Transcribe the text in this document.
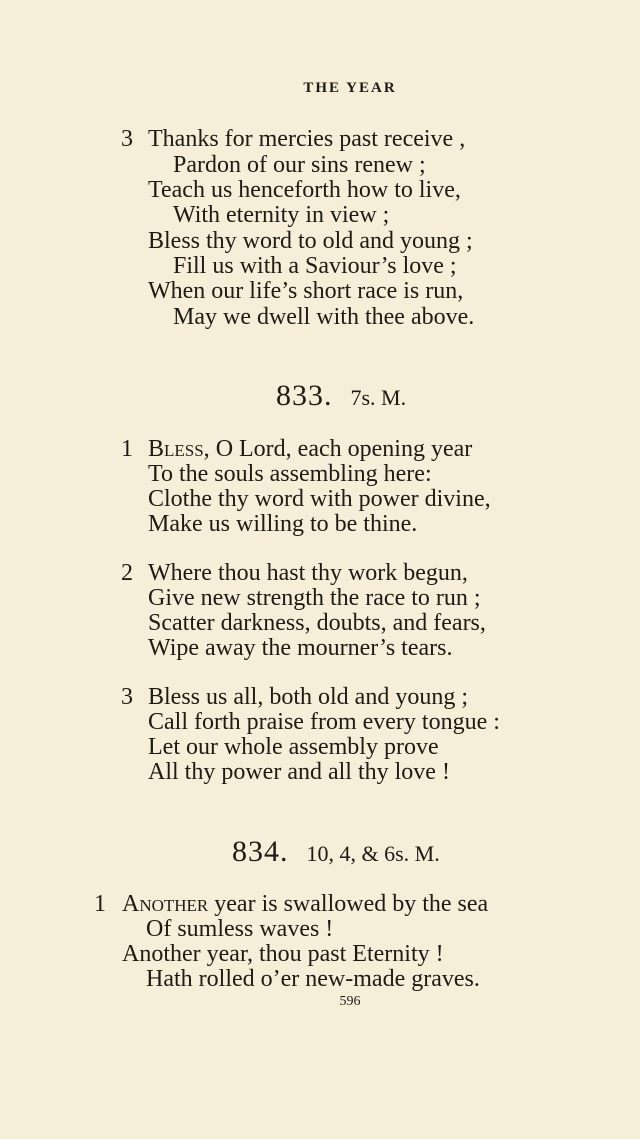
THE YEAR
3 Thanks for mercies past receive ,
Pardon of our sins renew ;
Teach us henceforth how to live,
With eternity in view ;
Bless thy word to old and young ;
Fill us with a Saviour’s love ;
When our life’s short race is run,
May we dwell with thee above.
833. 7s. M.
1 Bless, O Lord, each opening year
To the souls assembling here:
Clothe thy word with power divine,
Make us willing to be thine.
2 Where thou hast thy work begun,
Give new strength the race to run ;
Scatter darkness, doubts, and fears,
Wipe away the mourner’s tears.
3 Bless us all, both old and young ;
Call forth praise from every tongue :
Let our whole assembly prove
All thy power and all thy love !
834. 10, 4, & 6s. M.
1 Another year is swallowed by the sea
Of sumless waves !
Another year, thou past Eternity !
Hath rolled o’er new-made graves.
596
